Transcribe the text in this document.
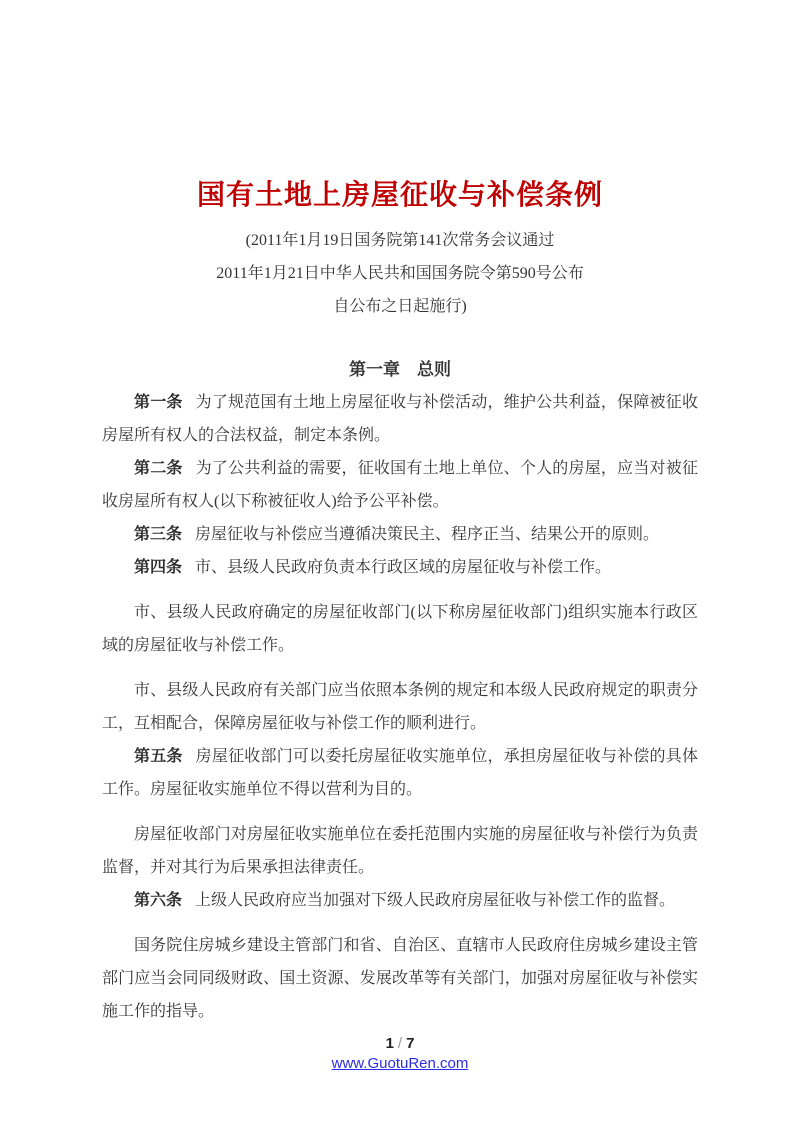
国有土地上房屋征收与补偿条例

(2011年1月19日国务院第141次常务会议通过

2011年1月21日中华人民共和国国务院令第590号公布

自公布之日起施行)

第一章　总则

第一条 为了规范国有土地上房屋征收与补偿活动，维护公共利益，保障被征收房屋所有权人的合法权益，制定本条例。

第二条 为了公共利益的需要，征收国有土地上单位、个人的房屋，应当对被征收房屋所有权人(以下称被征收人)给予公平补偿。

第三条 房屋征收与补偿应当遵循决策民主、程序正当、结果公开的原则。

第四条 市、县级人民政府负责本行政区域的房屋征收与补偿工作。

市、县级人民政府确定的房屋征收部门(以下称房屋征收部门)组织实施本行政区域的房屋征收与补偿工作。

市、县级人民政府有关部门应当依照本条例的规定和本级人民政府规定的职责分工，互相配合，保障房屋征收与补偿工作的顺利进行。

第五条 房屋征收部门可以委托房屋征收实施单位，承担房屋征收与补偿的具体工作。房屋征收实施单位不得以营利为目的。

房屋征收部门对房屋征收实施单位在委托范围内实施的房屋征收与补偿行为负责监督，并对其行为后果承担法律责任。

第六条 上级人民政府应当加强对下级人民政府房屋征收与补偿工作的监督。

国务院住房城乡建设主管部门和省、自治区、直辖市人民政府住房城乡建设主管部门应当会同同级财政、国土资源、发展改革等有关部门，加强对房屋征收与补偿实施工作的指导。

1 / 7
www.GuotuRen.com
